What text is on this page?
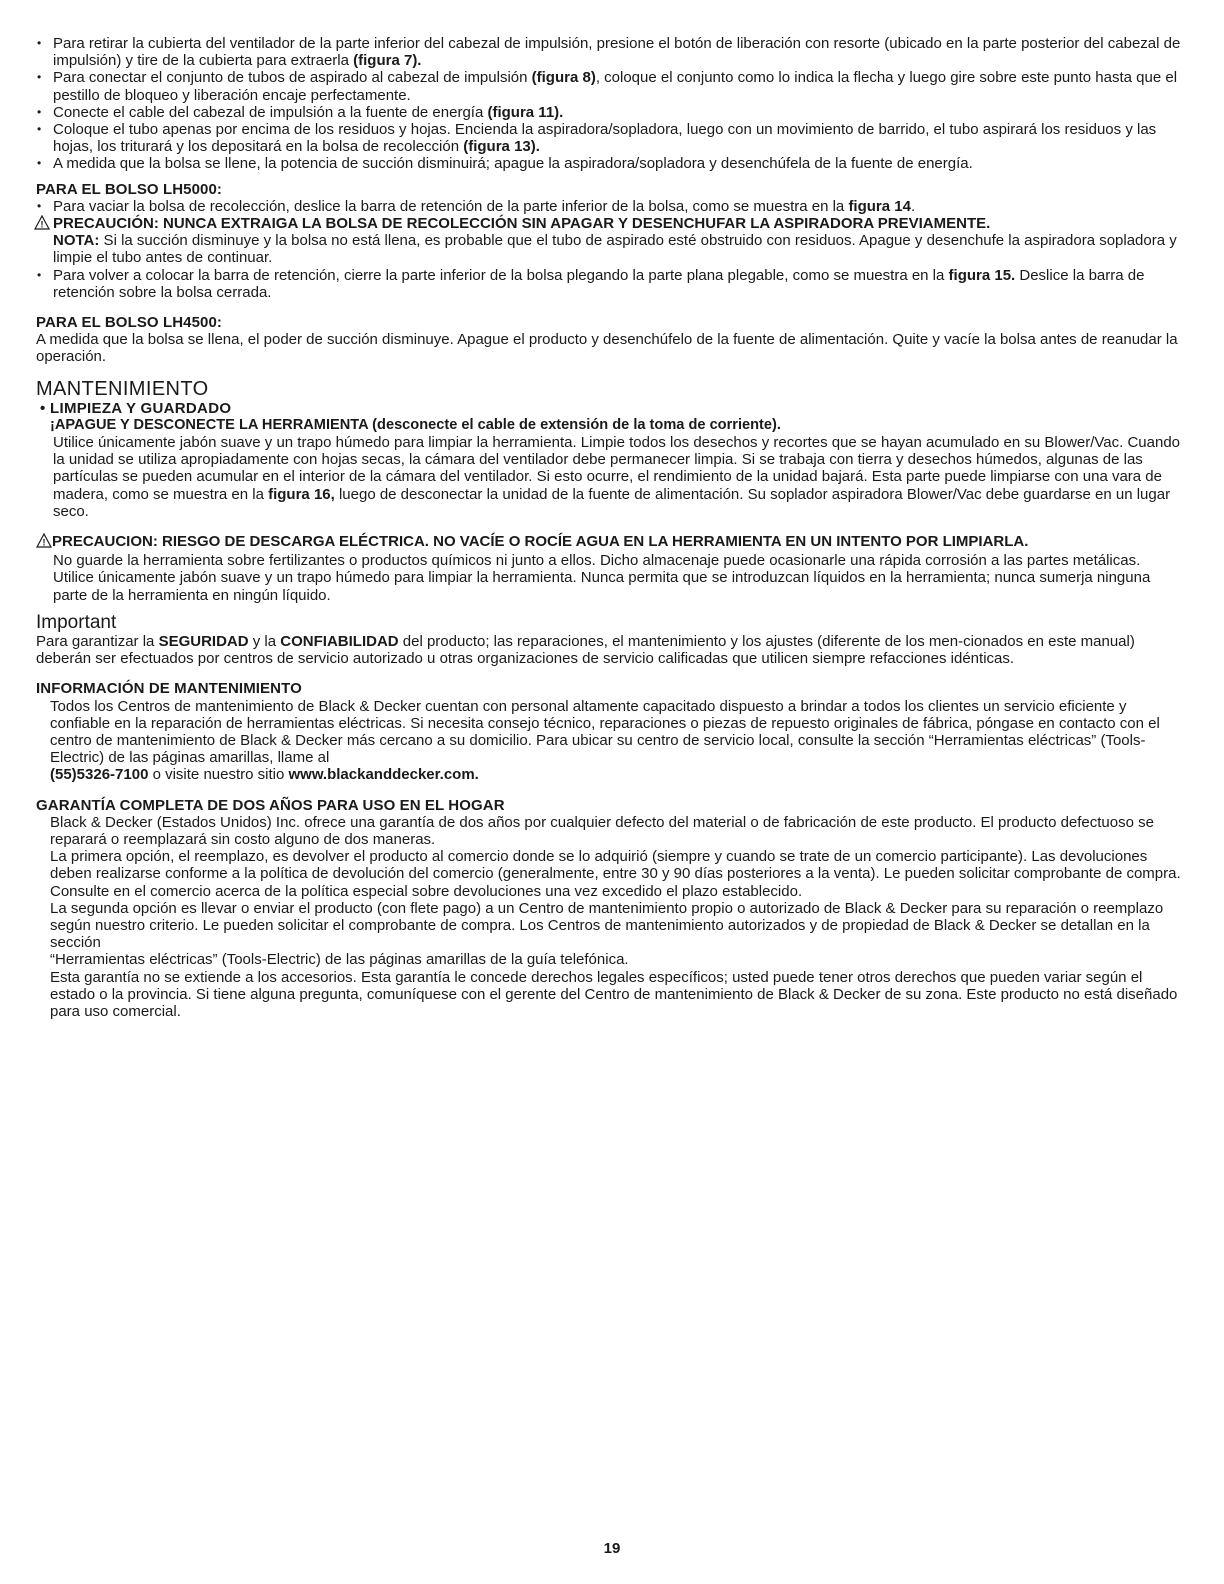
• Para retirar la cubierta del ventilador de la parte inferior del cabezal de impulsión, presione el botón de liberación con resorte (ubicado en la parte posterior del cabezal de impulsión) y tire de la cubierta para extraerla (figura 7).

• Para conectar el conjunto de tubos de aspirado al cabezal de impulsión (figura 8), coloque el conjunto como lo indica la flecha y luego gire sobre este punto hasta que el pestillo de bloqueo y liberación encaje perfectamente.

• Conecte el cable del cabezal de impulsión a la fuente de energía (figura 11).

• Coloque el tubo apenas por encima de los residuos y hojas. Encienda la aspiradora/sopladora, luego con un movimiento de barrido, el tubo aspirará los residuos y las hojas, los triturará y los depositará en la bolsa de recolección (figura 13).

• A medida que la bolsa se llene, la potencia de succión disminuirá; apague la aspiradora/sopladora y desenchúfela de la fuente de energía.

PARA EL BOLSO LH5000:

• Para vaciar la bolsa de recolección, deslice la barra de retención de la parte inferior de la bolsa, como se muestra en la figura 14.

! PRECAUCIÓN: NUNCA EXTRAIGA LA BOLSA DE RECOLECCIÓN SIN APAGAR Y DESENCHUFAR LA ASPIRADORA PREVIAMENTE.

NOTA: Si la succión disminuye y la bolsa no está llena, es probable que el tubo de aspirado esté obstruido con residuos. Apague y desenchufe la aspiradora sopladora y limpie el tubo antes de continuar.

• Para volver a colocar la barra de retención, cierre la parte inferior de la bolsa plegando la parte plana plegable, como se muestra en la figura 15. Deslice la barra de retención sobre la bolsa cerrada.

PARA EL BOLSO LH4500:

A medida que la bolsa se llena, el poder de succión disminuye. Apague el producto y desenchúfelo de la fuente de alimentación. Quite y vacíe la bolsa antes de reanudar la operación.

MANTENIMIENTO

• LIMPIEZA Y GUARDADO

¡APAGUE Y DESCONECTE LA HERRAMIENTA (desconecte el cable de extensión de la toma de corriente).

Utilice únicamente jabón suave y un trapo húmedo para limpiar la herramienta. Limpie todos los desechos y recortes que se hayan acumulado en su Blower/Vac. Cuando la unidad se utiliza apropiadamente con hojas secas, la cámara del ventilador debe permanecer limpia. Si se trabaja con tierra y desechos húmedos, algunas de las partículas se pueden acumular en el interior de la cámara del ventilador. Si esto ocurre, el rendimiento de la unidad bajará. Esta parte puede limpiarse con una vara de madera, como se muestra en la figura 16, luego de desconectar la unidad de la fuente de alimentación. Su soplador aspiradora Blower/Vac debe guardarse en un lugar seco.

! PRECAUCION: RIESGO DE DESCARGA ELÉCTRICA. NO VACÍE O ROCÍE AGUA EN LA HERRAMIENTA EN UN INTENTO POR LIMPIARLA.

No guarde la herramienta sobre fertilizantes o productos químicos ni junto a ellos. Dicho almacenaje puede ocasionarle una rápida corrosión a las partes metálicas. Utilice únicamente jabón suave y un trapo húmedo para limpiar la herramienta. Nunca permita que se introduzcan líquidos en la herramienta; nunca sumerja ninguna parte de la herramienta en ningún líquido.

Important

Para garantizar la SEGURIDAD y la CONFIABILIDAD del producto; las reparaciones, el mantenimiento y los ajustes (diferente de los men-cionados en este manual) deberán ser efectuados por centros de servicio autorizado u otras organizaciones de servicio calificadas que utilicen siempre refacciones idénticas.

INFORMACIÓN DE MANTENIMIENTO

Todos los Centros de mantenimiento de Black & Decker cuentan con personal altamente capacitado dispuesto a brindar a todos los clientes un servicio eficiente y confiable en la reparación de herramientas eléctricas. Si necesita consejo técnico, reparaciones o piezas de repuesto originales de fábrica, póngase en contacto con el centro de mantenimiento de Black & Decker más cercano a su domicilio. Para ubicar su centro de servicio local, consulte la sección “Herramientas eléctricas” (Tools-Electric) de las páginas amarillas, llame al

(55)5326-7100 o visite nuestro sitio www.blackanddecker.com.

GARANTÍA COMPLETA DE DOS AÑOS PARA USO EN EL HOGAR

Black & Decker (Estados Unidos) Inc. ofrece una garantía de dos años por cualquier defecto del material o de fabricación de este producto. El producto defectuoso se reparará o reemplazará sin costo alguno de dos maneras.

La primera opción, el reemplazo, es devolver el producto al comercio donde se lo adquirió (siempre y cuando se trate de un comercio participante). Las devoluciones deben realizarse conforme a la política de devolución del comercio (generalmente, entre 30 y 90 días posteriores a la venta). Le pueden solicitar comprobante de compra. Consulte en el comercio acerca de la política especial sobre devoluciones una vez excedido el plazo establecido.

La segunda opción es llevar o enviar el producto (con flete pago) a un Centro de mantenimiento propio o autorizado de Black & Decker para su reparación o reemplazo según nuestro criterio. Le pueden solicitar el comprobante de compra. Los Centros de mantenimiento autorizados y de propiedad de Black & Decker se detallan en la sección

“Herramientas eléctricas” (Tools-Electric) de las páginas amarillas de la guía telefónica.

Esta garantía no se extiende a los accesorios. Esta garantía le concede derechos legales específicos; usted puede tener otros derechos que pueden variar según el estado o la provincia. Si tiene alguna pregunta, comuníquese con el gerente del Centro de mantenimiento de Black & Decker de su zona. Este producto no está diseñado para uso comercial.

19
